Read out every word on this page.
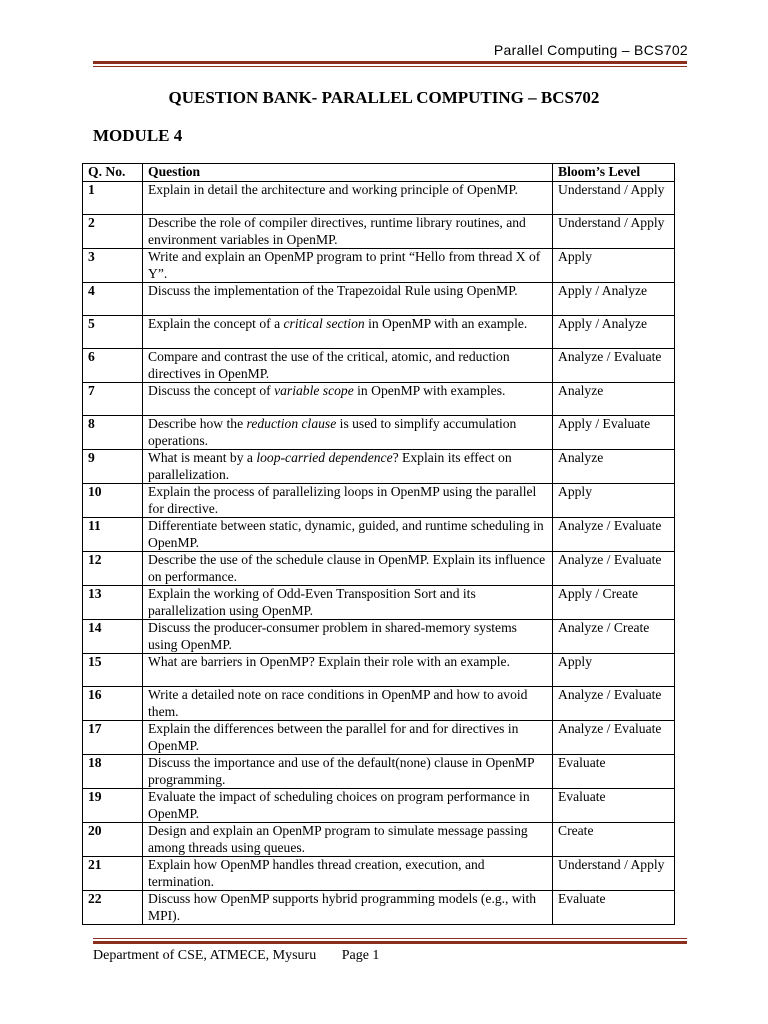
Parallel Computing – BCS702
QUESTION BANK- PARALLEL COMPUTING – BCS702
MODULE 4
Q. No.	Question	Bloom’s Level
1	Explain in detail the architecture and working principle of OpenMP.	Understand / Apply
2	Describe the role of compiler directives, runtime library routines, and environment variables in OpenMP.	Understand / Apply
3	Write and explain an OpenMP program to print “Hello from thread X of Y”.	Apply
4	Discuss the implementation of the Trapezoidal Rule using OpenMP.	Apply / Analyze
5	Explain the concept of a critical section in OpenMP with an example.	Apply / Analyze
6	Compare and contrast the use of the critical, atomic, and reduction directives in OpenMP.	Analyze / Evaluate
7	Discuss the concept of variable scope in OpenMP with examples.	Analyze
8	Describe how the reduction clause is used to simplify accumulation operations.	Apply / Evaluate
9	What is meant by a loop-carried dependence? Explain its effect on parallelization.	Analyze
10	Explain the process of parallelizing loops in OpenMP using the parallel for directive.	Apply
11	Differentiate between static, dynamic, guided, and runtime scheduling in OpenMP.	Analyze / Evaluate
12	Describe the use of the schedule clause in OpenMP. Explain its influence on performance.	Analyze / Evaluate
13	Explain the working of Odd-Even Transposition Sort and its parallelization using OpenMP.	Apply / Create
14	Discuss the producer-consumer problem in shared-memory systems using OpenMP.	Analyze / Create
15	What are barriers in OpenMP? Explain their role with an example.	Apply
16	Write a detailed note on race conditions in OpenMP and how to avoid them.	Analyze / Evaluate
17	Explain the differences between the parallel for and for directives in OpenMP.	Analyze / Evaluate
18	Discuss the importance and use of the default(none) clause in OpenMP programming.	Evaluate
19	Evaluate the impact of scheduling choices on program performance in OpenMP.	Evaluate
20	Design and explain an OpenMP program to simulate message passing among threads using queues.	Create
21	Explain how OpenMP handles thread creation, execution, and termination.	Understand / Apply
22	Discuss how OpenMP supports hybrid programming models (e.g., with MPI).	Evaluate
Department of CSE, ATMECE, Mysuru Page 1
